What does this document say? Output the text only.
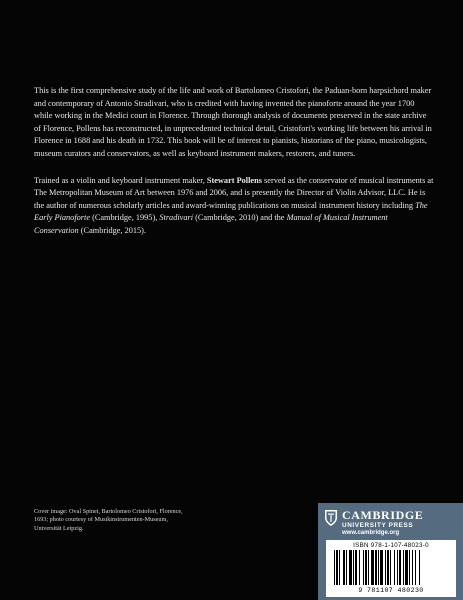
This is the first comprehensive study of the life and work of Bartolomeo Cristofori, the Paduan-born harpsichord maker and contemporary of Antonio Stradivari, who is credited with having invented the pianoforte around the year 1700 while working in the Medici court in Florence. Through thorough analysis of documents preserved in the state archive of Florence, Pollens has reconstructed, in unprecedented technical detail, Cristofori's working life between his arrival in Florence in 1688 and his death in 1732. This book will be of interest to pianists, historians of the piano, musicologists, museum curators and conservators, as well as keyboard instrument makers, restorers, and tuners.

Trained as a violin and keyboard instrument maker, Stewart Pollens served as the conservator of musical instruments at The Metropolitan Museum of Art between 1976 and 2006, and is presently the Director of Violin Advisor, LLC. He is the author of numerous scholarly articles and award-winning publications on musical instrument history including The Early Pianoforte (Cambridge, 1995), Stradivari (Cambridge, 2010) and the Manual of Musical Instrument Conservation (Cambridge, 2015).

Cover image: Oval Spinet, Bartolomeo Cristofori, Florence, 1693; photo courtesy of Musikinstrumenten-Museum, Universität Leipzig.
CAMBRIDGE
UNIVERSITY PRESS
www.cambridge.org
ISBN 978-1-107-48023-0
9 781107 480230
